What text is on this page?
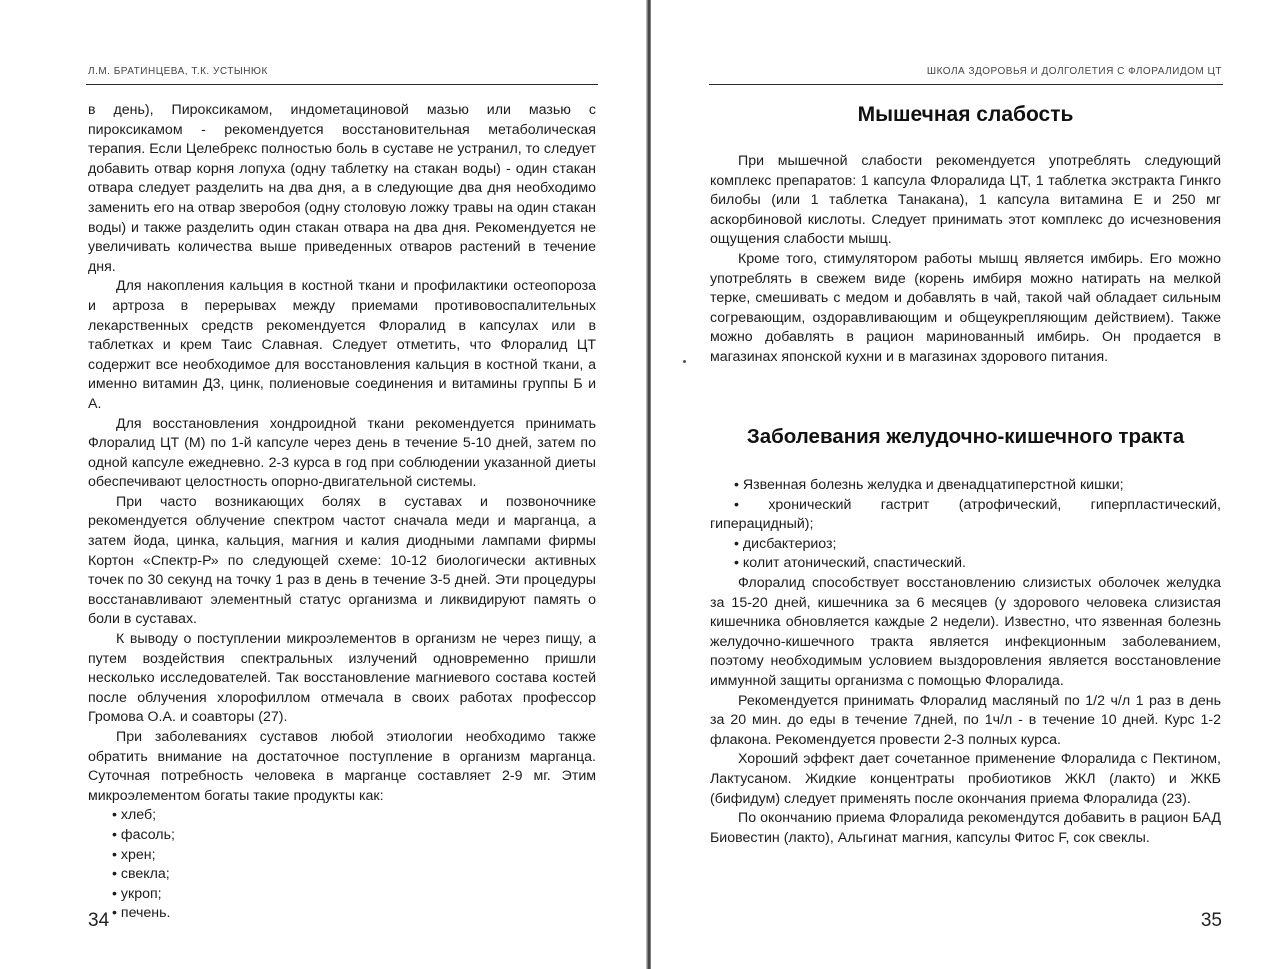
Л.М. БРАТИНЦЕВА, Т.К. УСТЫНЮК

в день), Пироксикамом, индометациновой мазью или мазью с пироксикамом - рекомендуется восстановительная метаболическая терапия. Если Целебрекс полностью боль в суставе не устранил, то следует добавить отвар корня лопуха (одну таблетку на стакан воды) - один стакан отвара следует разделить на два дня, а в следующие два дня необходимо заменить его на отвар зверобоя (одну столовую ложку травы на один стакан воды) и также разделить один стакан отвара на два дня. Рекомендуется не увеличивать количества выше приведенных отваров растений в течение дня.

Для накопления кальция в костной ткани и профилактики остеопороза и артроза в перерывах между приемами противовоспалительных лекарственных средств рекомендуется Флоралид в капсулах или в таблетках и крем Таис Славная. Следует отметить, что Флоралид ЦТ содержит все необходимое для восстановления кальция в костной ткани, а именно витамин Д3, цинк, полиеновые соединения и витамины группы Б и А.

Для восстановления хондроидной ткани рекомендуется принимать Флоралид ЦТ (М) по 1-й капсуле через день в течение 5-10 дней, затем по одной капсуле ежедневно. 2-3 курса в год при соблюдении указанной диеты обеспечивают целостность опорно-двигательной системы.

При часто возникающих болях в суставах и позвоночнике рекомендуется облучение спектром частот сначала меди и марганца, а затем йода, цинка, кальция, магния и калия диодными лампами фирмы Кортон «Спектр-Р» по следующей схеме: 10-12 биологически активных точек по 30 секунд на точку 1 раз в день в течение 3-5 дней. Эти процедуры восстанавливают элементный статус организма и ликвидируют память о боли в суставах.

К выводу о поступлении микроэлементов в организм не через пищу, а путем воздействия спектральных излучений одновременно пришли несколько исследователей. Так восстановление магниевого состава костей после облучения хлорофиллом отмечала в своих работах профессор Громова О.А. и соавторы (27).

При заболеваниях суставов любой этиологии необходимо также обратить внимание на достаточное поступление в организм марганца. Суточная потребность человека в марганце составляет 2-9 мг. Этим микроэлементом богаты такие продукты как:

• хлеб;
• фасоль;
• хрен;
• свекла;
• укроп;
• печень.
34
ШКОЛА ЗДОРОВЬЯ И ДОЛГОЛЕТИЯ С ФЛОРАЛИДОМ ЦТ
Мышечная слабость

При мышечной слабости рекомендуется употреблять следующий комплекс препаратов: 1 капсула Флоралида ЦТ, 1 таблетка экстракта Гинкго билобы (или 1 таблетка Танакана), 1 капсула витамина Е и 250 мг аскорбиновой кислоты. Следует принимать этот комплекс до исчезновения ощущения слабости мышц.

Кроме того, стимулятором работы мышц является имбирь. Его можно употреблять в свежем виде (корень имбиря можно натирать на мелкой терке, смешивать с медом и добавлять в чай, такой чай обладает сильным согревающим, оздоравливающим и общеукрепляющим действием). Также можно добавлять в рацион маринованный имбирь. Он продается в магазинах японской кухни и в магазинах здорового питания.

Заболевания желудочно-кишечного тракта
• Язвенная болезнь желудка и двенадцатиперстной кишки;
• хронический гастрит (атрофический, гиперпластический, гиперацидный);
• дисбактериоз;
• колит атонический, спастический.

Флоралид способствует восстановлению слизистых оболочек желудка за 15-20 дней, кишечника за 6 месяцев (у здорового человека слизистая кишечника обновляется каждые 2 недели). Известно, что язвенная болезнь желудочно-кишечного тракта является инфекционным заболеванием, поэтому необходимым условием выздоровления является восстановление иммунной защиты организма с помощью Флоралида.

Рекомендуется принимать Флоралид масляный по 1/2 ч/л 1 раз в день за 20 мин. до еды в течение 7дней, по 1ч/л - в течение 10 дней. Курс 1-2 флакона. Рекомендуется провести 2-3 полных курса.

Хороший эффект дает сочетанное применение Флоралида с Пектином, Лактусаном. Жидкие концентраты пробиотиков ЖКЛ (лакто) и ЖКБ (бифидум) следует применять после окончания приема Флоралида (23).

По окончанию приема Флоралида рекомендутся добавить в рацион БАД Биовестин (лакто), Альгинат магния, капсулы Фитос F, сок свеклы.

35
